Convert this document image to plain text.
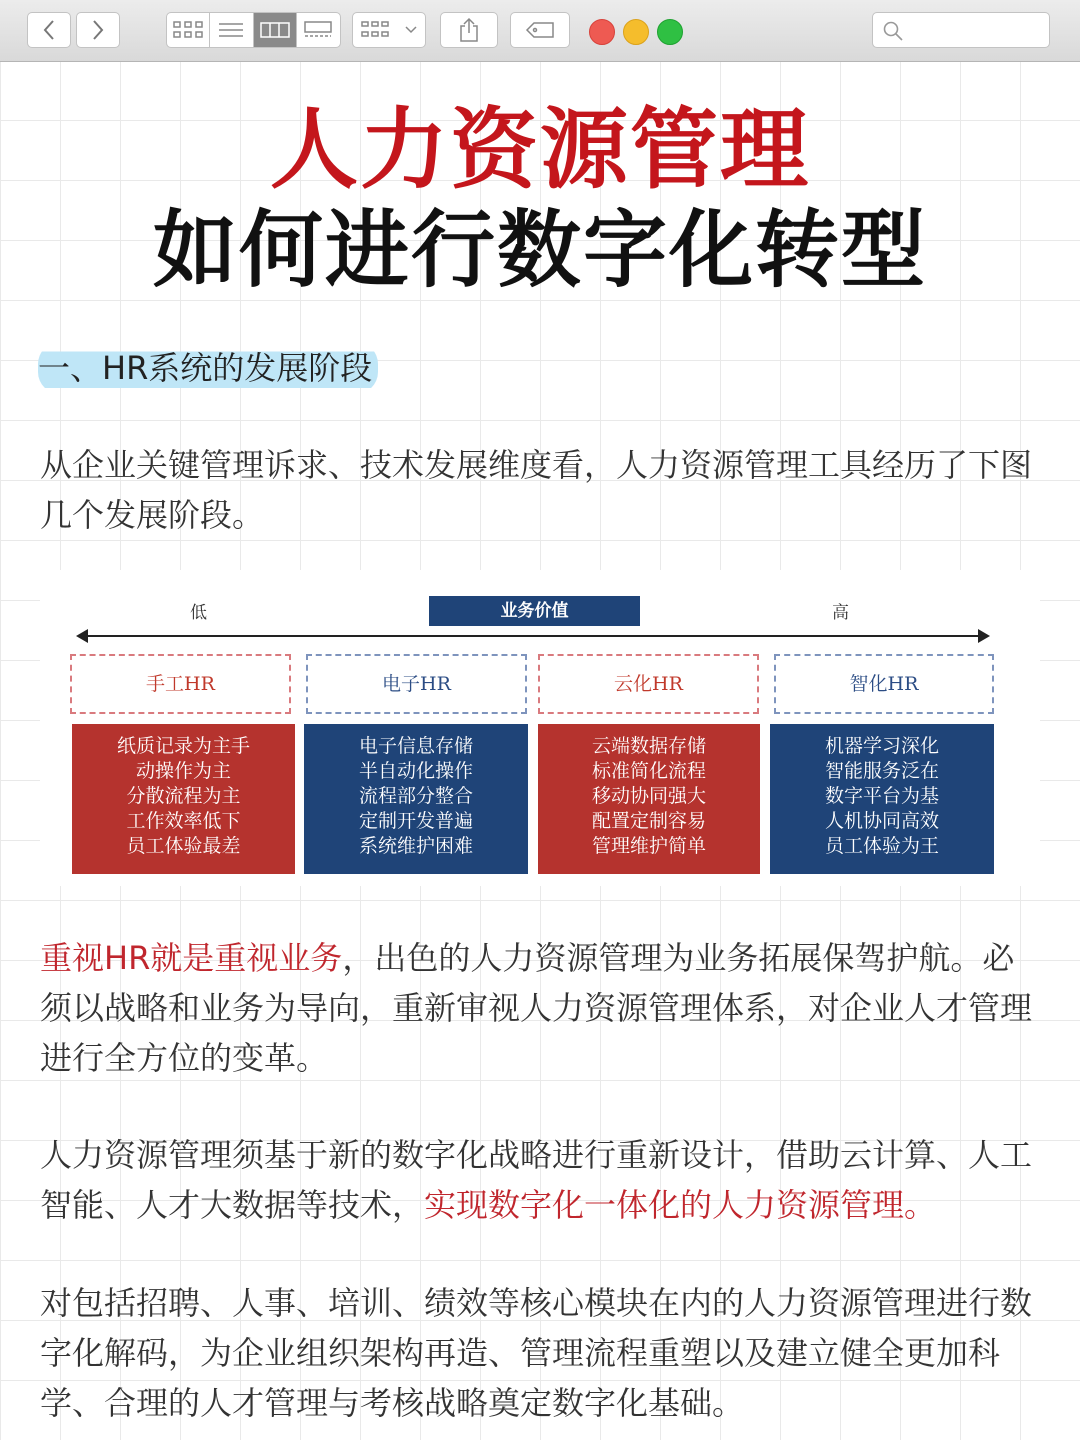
人力资源管理
如何进行数字化转型
一、HR系统的发展阶段
从企业关键管理诉求、技术发展维度看，人力资源管理工具经历了下图几个发展阶段。
低	业务价值	高
手工HR	电子HR	云化HR	智化HR
纸质记录为主手
动操作为主
分散流程为主
工作效率低下
员工体验最差
电子信息存储
半自动化操作
流程部分整合
定制开发普遍
系统维护困难
云端数据存储
标准简化流程
移动协同强大
配置定制容易
管理维护简单
机器学习深化
智能服务泛在
数字平台为基
人机协同高效
员工体验为王
重视HR就是重视业务，出色的人力资源管理为业务拓展保驾护航。必须以战略和业务为导向，重新审视人力资源管理体系，对企业人才管理进行全方位的变革。
人力资源管理须基于新的数字化战略进行重新设计，借助云计算、人工智能、人才大数据等技术，实现数字化一体化的人力资源管理。
对包括招聘、人事、培训、绩效等核心模块在内的人力资源管理进行数字化解码，为企业组织架构再造、管理流程重塑以及建立健全更加科学、合理的人才管理与考核战略奠定数字化基础。
